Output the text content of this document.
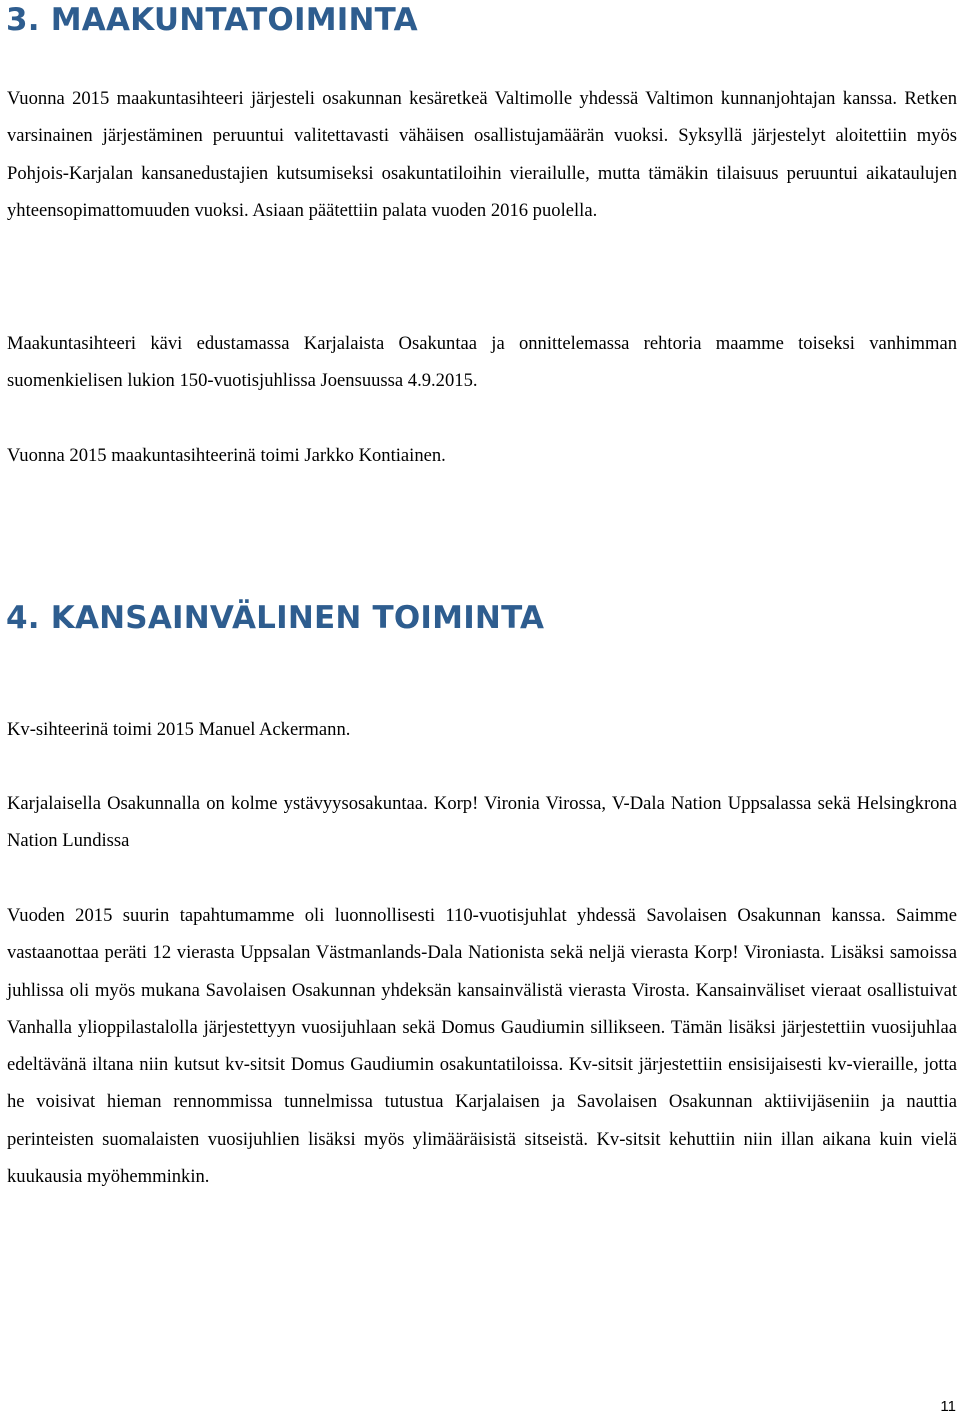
3. MAAKUNTATOIMINTA

Vuonna 2015 maakuntasihteeri järjesteli osakunnan kesäretkeä Valtimolle yhdessä Valtimon kunnanjohtajan kanssa. Retken varsinainen järjestäminen peruuntui valitettavasti vähäisen osallistujamäärän vuoksi. Syksyllä järjestelyt aloitettiin myös Pohjois-Karjalan kansanedustajien kutsumiseksi osakuntatiloihin vierailulle, mutta tämäkin tilaisuus peruuntui aikataulujen yhteensopimattomuuden vuoksi. Asiaan päätettiin palata vuoden 2016 puolella.

Maakuntasihteeri kävi edustamassa Karjalaista Osakuntaa ja onnittelemassa rehtoria maamme toiseksi vanhimman suomenkielisen lukion 150-vuotisjuhlissa Joensuussa 4.9.2015.

Vuonna 2015 maakuntasihteerinä toimi Jarkko Kontiainen.

4. KANSAINVÄLINEN TOIMINTA

Kv-sihteerinä toimi 2015 Manuel Ackermann.

Karjalaisella Osakunnalla on kolme ystävyysosakuntaa. Korp! Vironia Virossa, V-Dala Nation Uppsalassa sekä Helsingkrona Nation Lundissa

Vuoden 2015 suurin tapahtumamme oli luonnollisesti 110-vuotisjuhlat yhdessä Savolaisen Osakunnan kanssa. Saimme vastaanottaa peräti 12 vierasta Uppsalan Västmanlands-Dala Nationista sekä neljä vierasta Korp! Vironiasta. Lisäksi samoissa juhlissa oli myös mukana Savolaisen Osakunnan yhdeksän kansainvälistä vierasta Virosta. Kansainväliset vieraat osallistuivat Vanhalla ylioppilastalolla järjestettyyn vuosijuhlaan sekä Domus Gaudiumin sillikseen. Tämän lisäksi järjestettiin vuosijuhlaa edeltävänä iltana niin kutsut kv-sitsit Domus Gaudiumin osakuntatiloissa. Kv-sitsit järjestettiin ensisijaisesti kv-vieraille, jotta he voisivat hieman rennommissa tunnelmissa tutustua Karjalaisen ja Savolaisen Osakunnan aktiivijäseniin ja nauttia perinteisten suomalaisten vuosijuhlien lisäksi myös ylimääräisistä sitseistä. Kv-sitsit kehuttiin niin illan aikana kuin vielä kuukausia myöhemminkin.

11
